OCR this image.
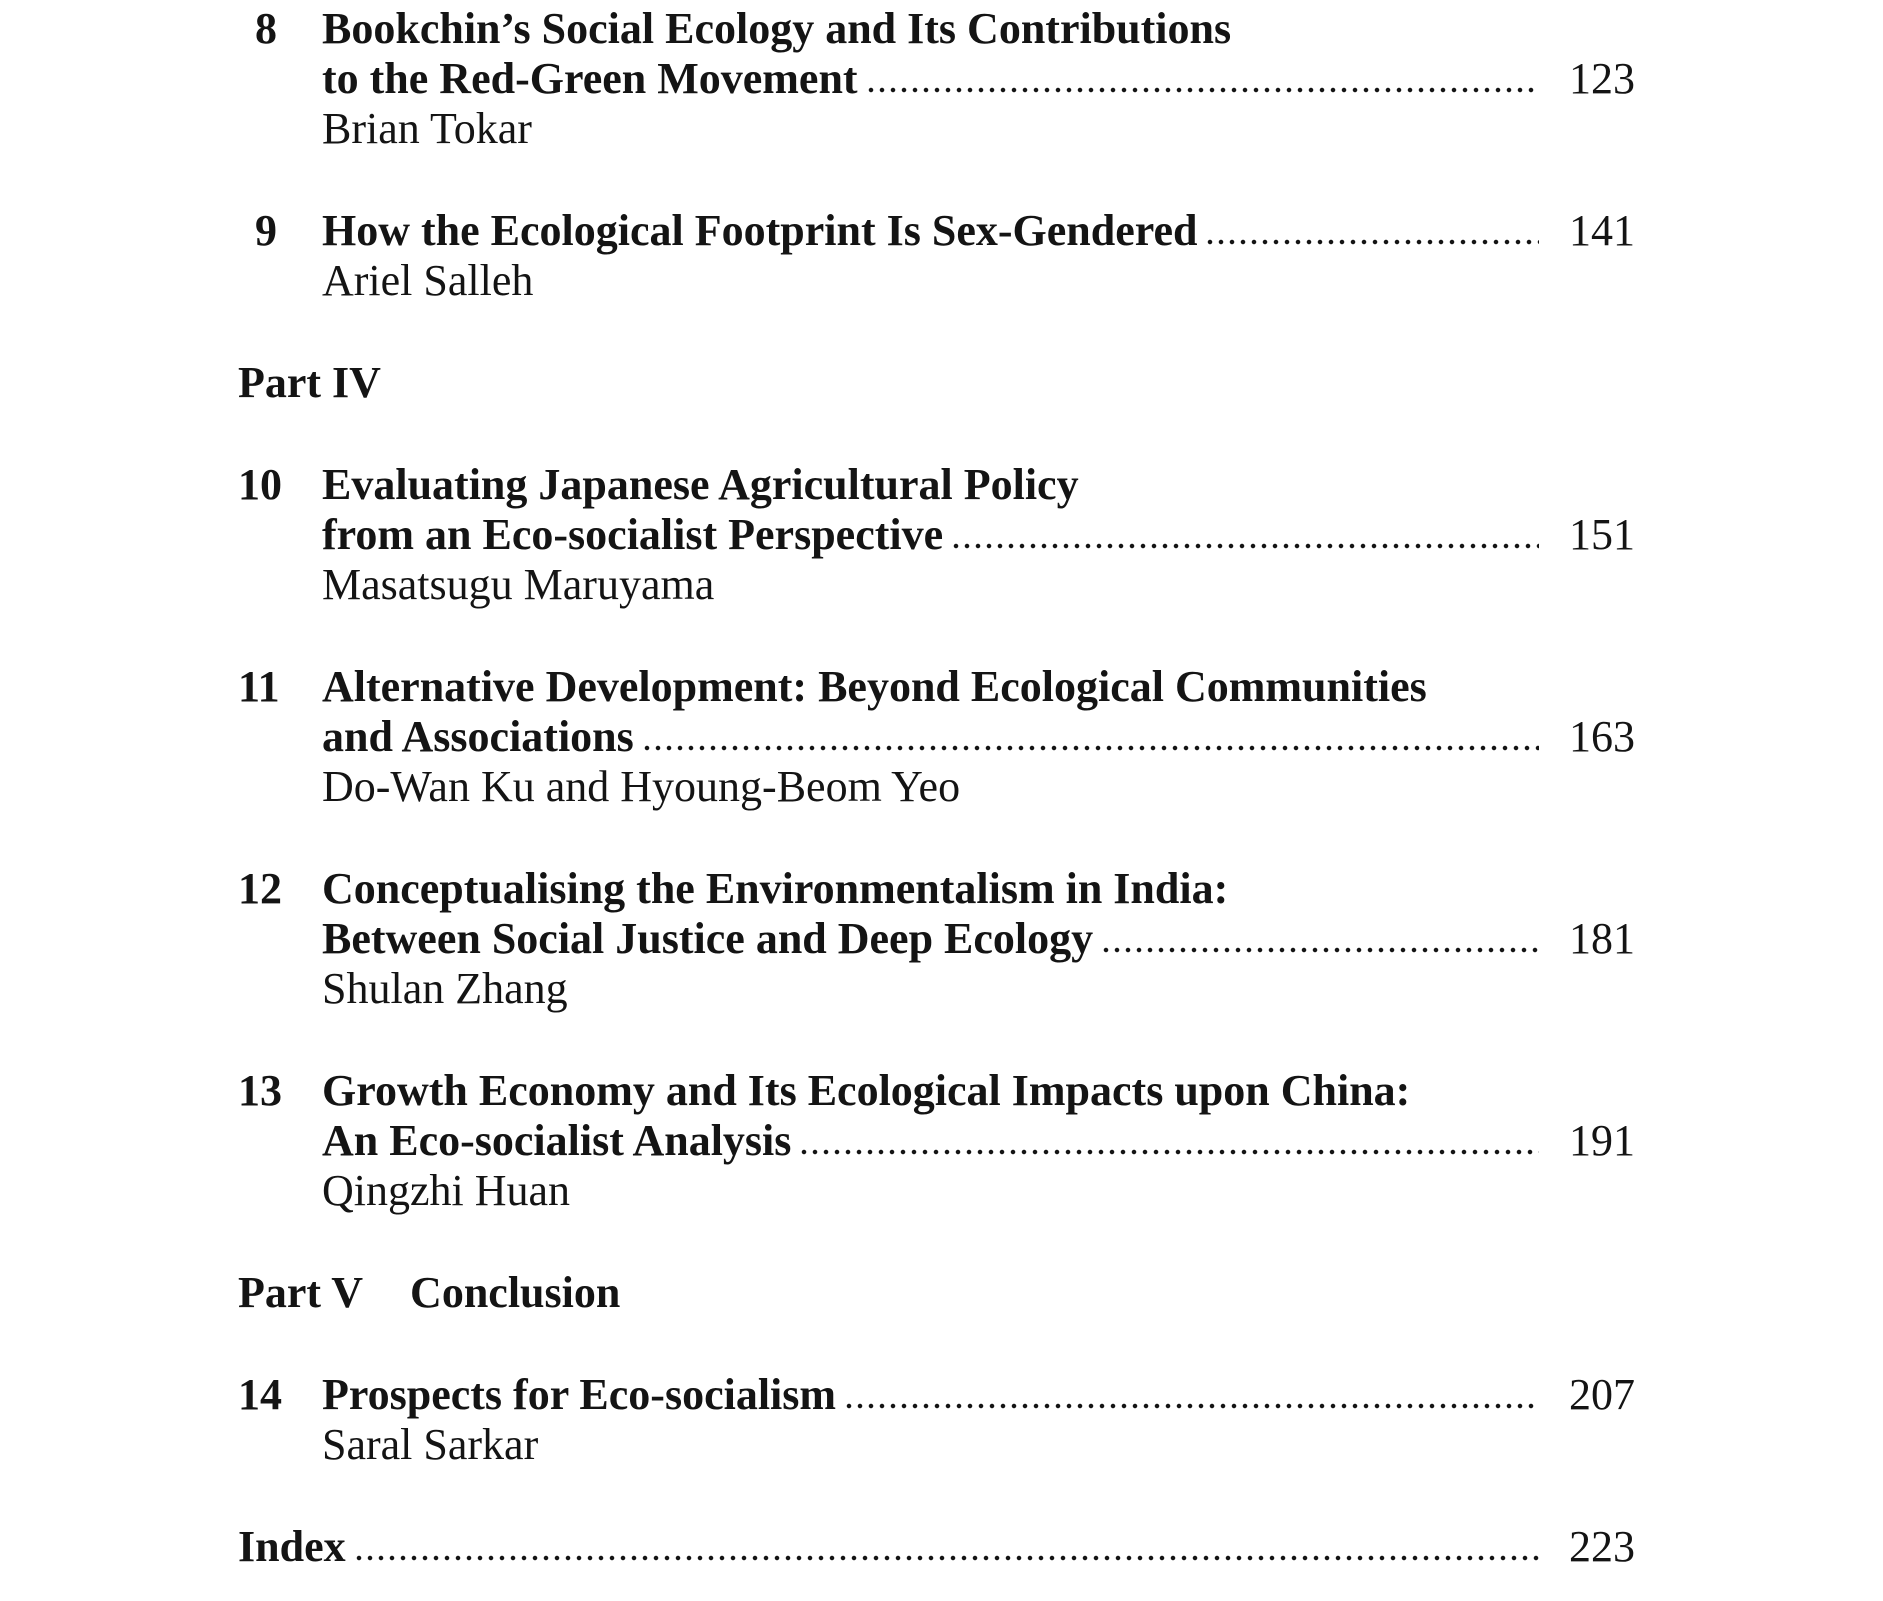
8 Bookchin’s Social Ecology and Its Contributions
to the Red-Green Movement	123
Brian Tokar
9 How the Ecological Footprint Is Sex-Gendered	141
Ariel Salleh
Part IV
10 Evaluating Japanese Agricultural Policy
from an Eco-socialist Perspective	151
Masatsugu Maruyama
11 Alternative Development: Beyond Ecological Communities
and Associations	163
Do-Wan Ku and Hyoung-Beom Yeo
12 Conceptualising the Environmentalism in India:
Between Social Justice and Deep Ecology	181
Shulan Zhang
13 Growth Economy and Its Ecological Impacts upon China:
An Eco-socialist Analysis	191
Qingzhi Huan
Part V Conclusion
14 Prospects for Eco-socialism	207
Saral Sarkar
Index	223
